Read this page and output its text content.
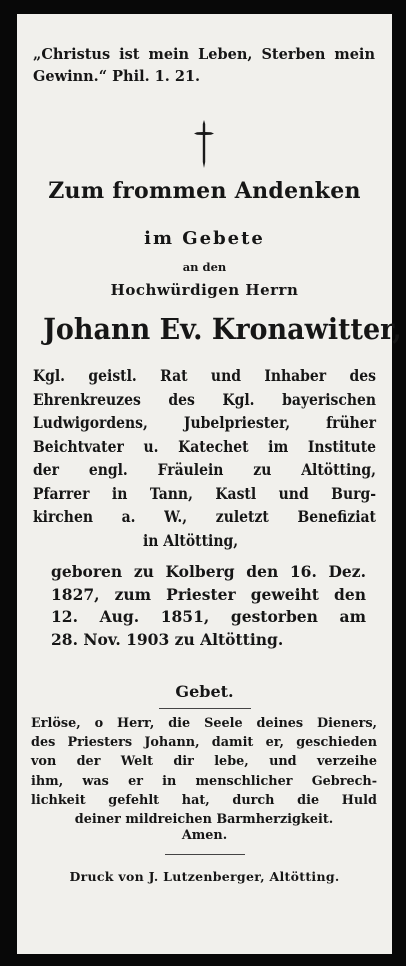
„Christus ist mein Leben, Sterben mein
Gewinn.“ Phil. 1. 21.

Zum frommen Andenken

im Gebete

an den

Hochwürdigen Herrn

Johann Ev. Kronawitter,

Kgl. geistl. Rat und Inhaber des
Ehrenkreuzes des Kgl. bayerischen
Ludwigordens, Jubelpriester, früher
Beichtvater u. Katechet im Institute
der engl. Fräulein zu Altötting,
Pfarrer in Tann, Kastl und Burg-
kirchen a. W., zuletzt Benefiziat
in Altötting,

geboren zu Kolberg den 16. Dez.
1827, zum Priester geweiht den
12. Aug. 1851, gestorben am
28. Nov. 1903 zu Altötting.

Gebet.

Erlöse, o Herr, die Seele deines Dieners,
des Priesters Johann, damit er, geschieden
von der Welt dir lebe, und verzeihe
ihm, was er in menschlicher Gebrech-
lichkeit gefehlt hat, durch die Huld
deiner mildreichen Barmherzigkeit.

Amen.

Druck von J. Lutzenberger, Altötting.
